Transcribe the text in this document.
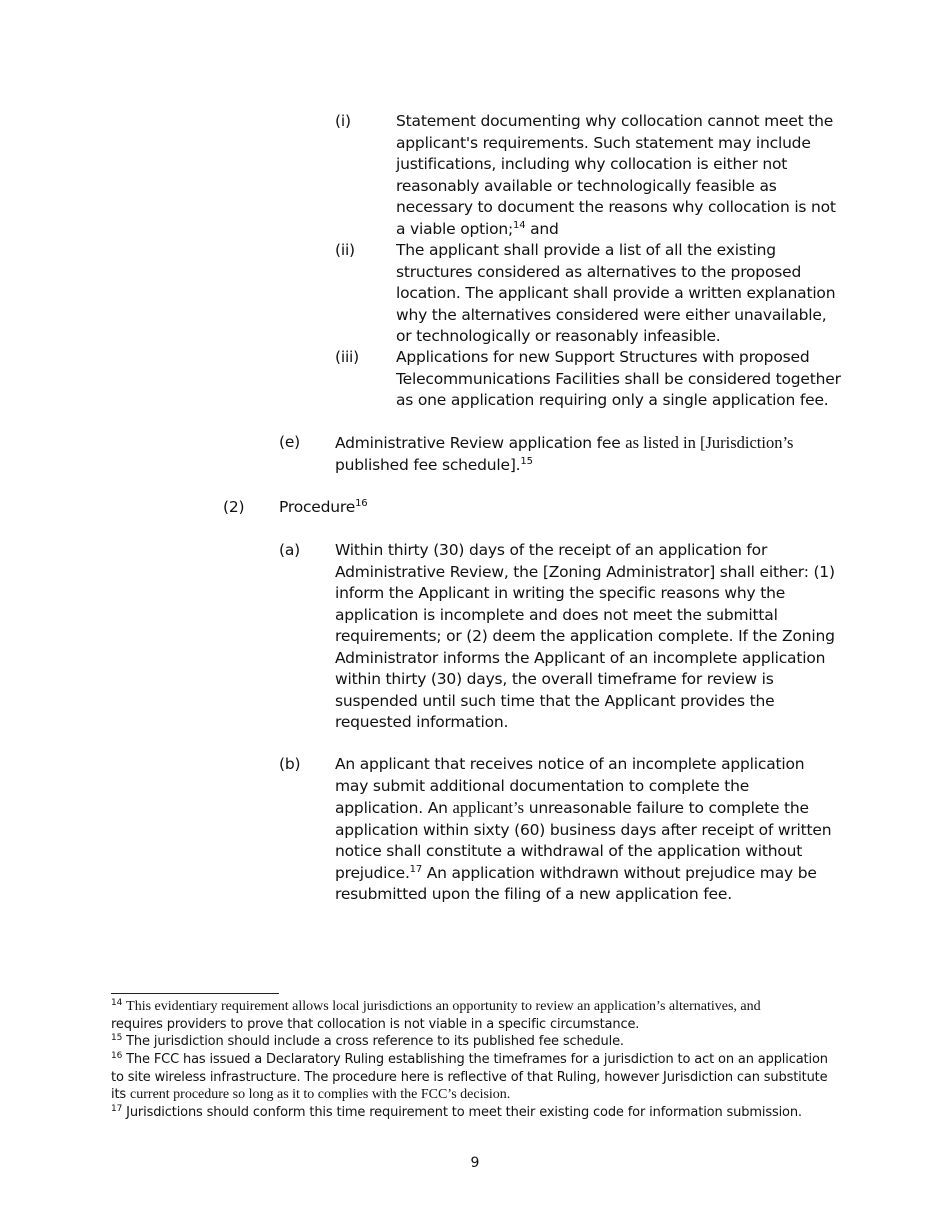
(i)	Statement documenting why collocation cannot meet the applicant's requirements. Such statement may include justifications, including why collocation is either not reasonably available or technologically feasible as necessary to document the reasons why collocation is not a viable option;$^{14}$ and
(ii)	The applicant shall provide a list of all the existing structures considered as alternatives to the proposed location. The applicant shall provide a written explanation why the alternatives considered were either unavailable, or technologically or reasonably infeasible.
(iii) Applications for new Support Structures with proposed Telecommunications Facilities shall be considered together as one application requiring only a single application fee.
(e) Administrative Review application fee as listed in [Jurisdiction’s
published fee schedule].$^{15}$
(2) Procedure$^{16}$
(a) Within thirty (30) days of the receipt of an application for Administrative Review, the [Zoning Administrator] shall either: (1) inform the Applicant in writing the specific reasons why the application is incomplete and does not meet the submittal requirements; or (2) deem the application complete. If the Zoning Administrator informs the Applicant of an incomplete application within thirty (30) days, the overall timeframe for review is suspended until such time that the Applicant provides the requested information.
(b) An applicant that receives notice of an incomplete application may submit additional documentation to complete the application. An applicant’s unreasonable failure to complete the application within sixty (60) business days after receipt of written notice shall constitute a withdrawal of the application without prejudice.$^{17}$ An application withdrawn without prejudice may be resubmitted upon the filing of a new application fee.
$^{14}$ This evidentiary requirement allows local jurisdictions an opportunity to review an application’s alternatives, and
requires providers to prove that collocation is not viable in a specific circumstance.
$^{15}$ The jurisdiction should include a cross reference to its published fee schedule.
$^{16}$ The FCC has issued a Declaratory Ruling establishing the timeframes for a jurisdiction to act on an application to site wireless infrastructure. The procedure here is reflective of that Ruling, however Jurisdiction can substitute its current procedure so long as it to complies with the FCC’s decision.
$^{17}$ Jurisdictions should conform this time requirement to meet their existing code for information submission.
9
